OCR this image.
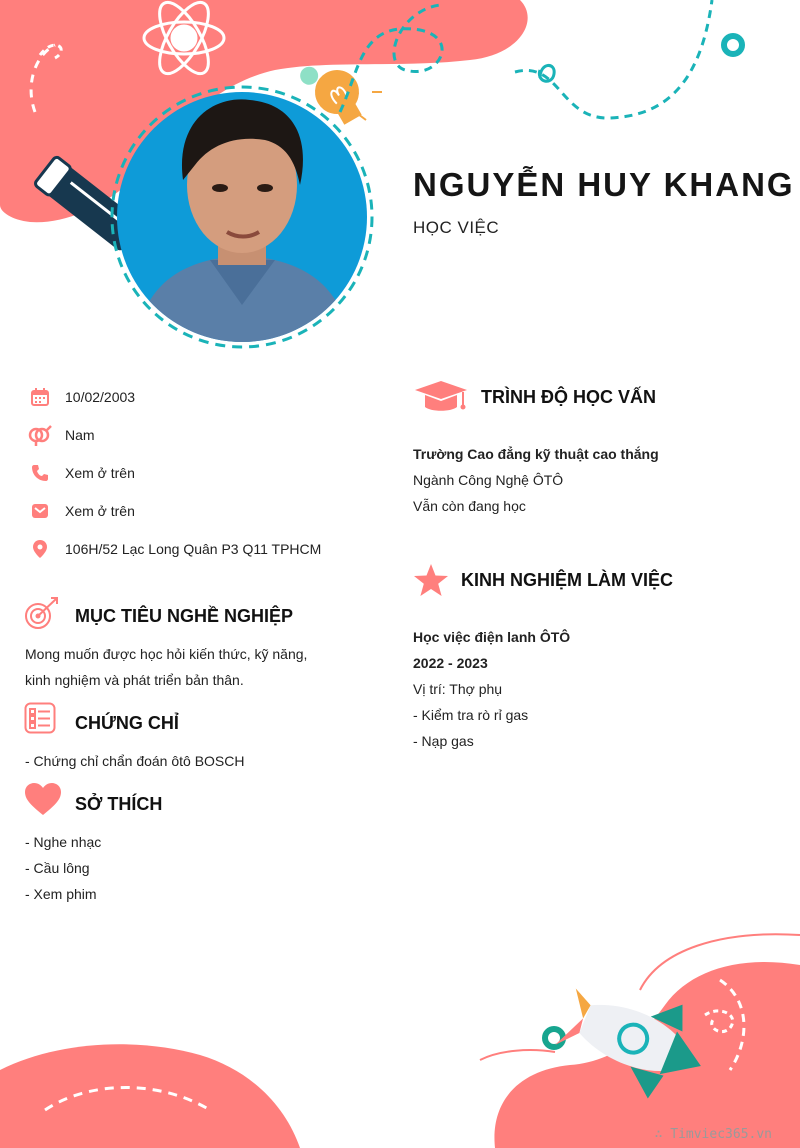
NGUYỄN HUY KHANG
HỌC VIỆC
10/02/2003
Nam
Xem ở trên
Xem ở trên
106H/52 Lạc Long Quân P3 Q11 TPHCM
MỤC TIÊU NGHỀ NGHIỆP
Mong muốn được học hỏi kiến thức, kỹ năng,
kinh nghiệm và phát triển bản thân.
CHỨNG CHỈ
- Chứng chỉ chẩn đoán ôtô BOSCH
SỞ THÍCH
- Nghe nhạc
- Cầu lông
- Xem phim
TRÌNH ĐỘ HỌC VẤN
Trường Cao đẳng kỹ thuật cao thắng
Ngành Công Nghệ ÔTÔ
Vẫn còn đang học
KINH NGHIỆM LÀM VIỆC
Học việc điện lanh ÔTÔ
2022 - 2023
Vị trí: Thợ phụ
- Kiểm tra rò rỉ gas
- Nạp gas
∴ Timviec365.vn
